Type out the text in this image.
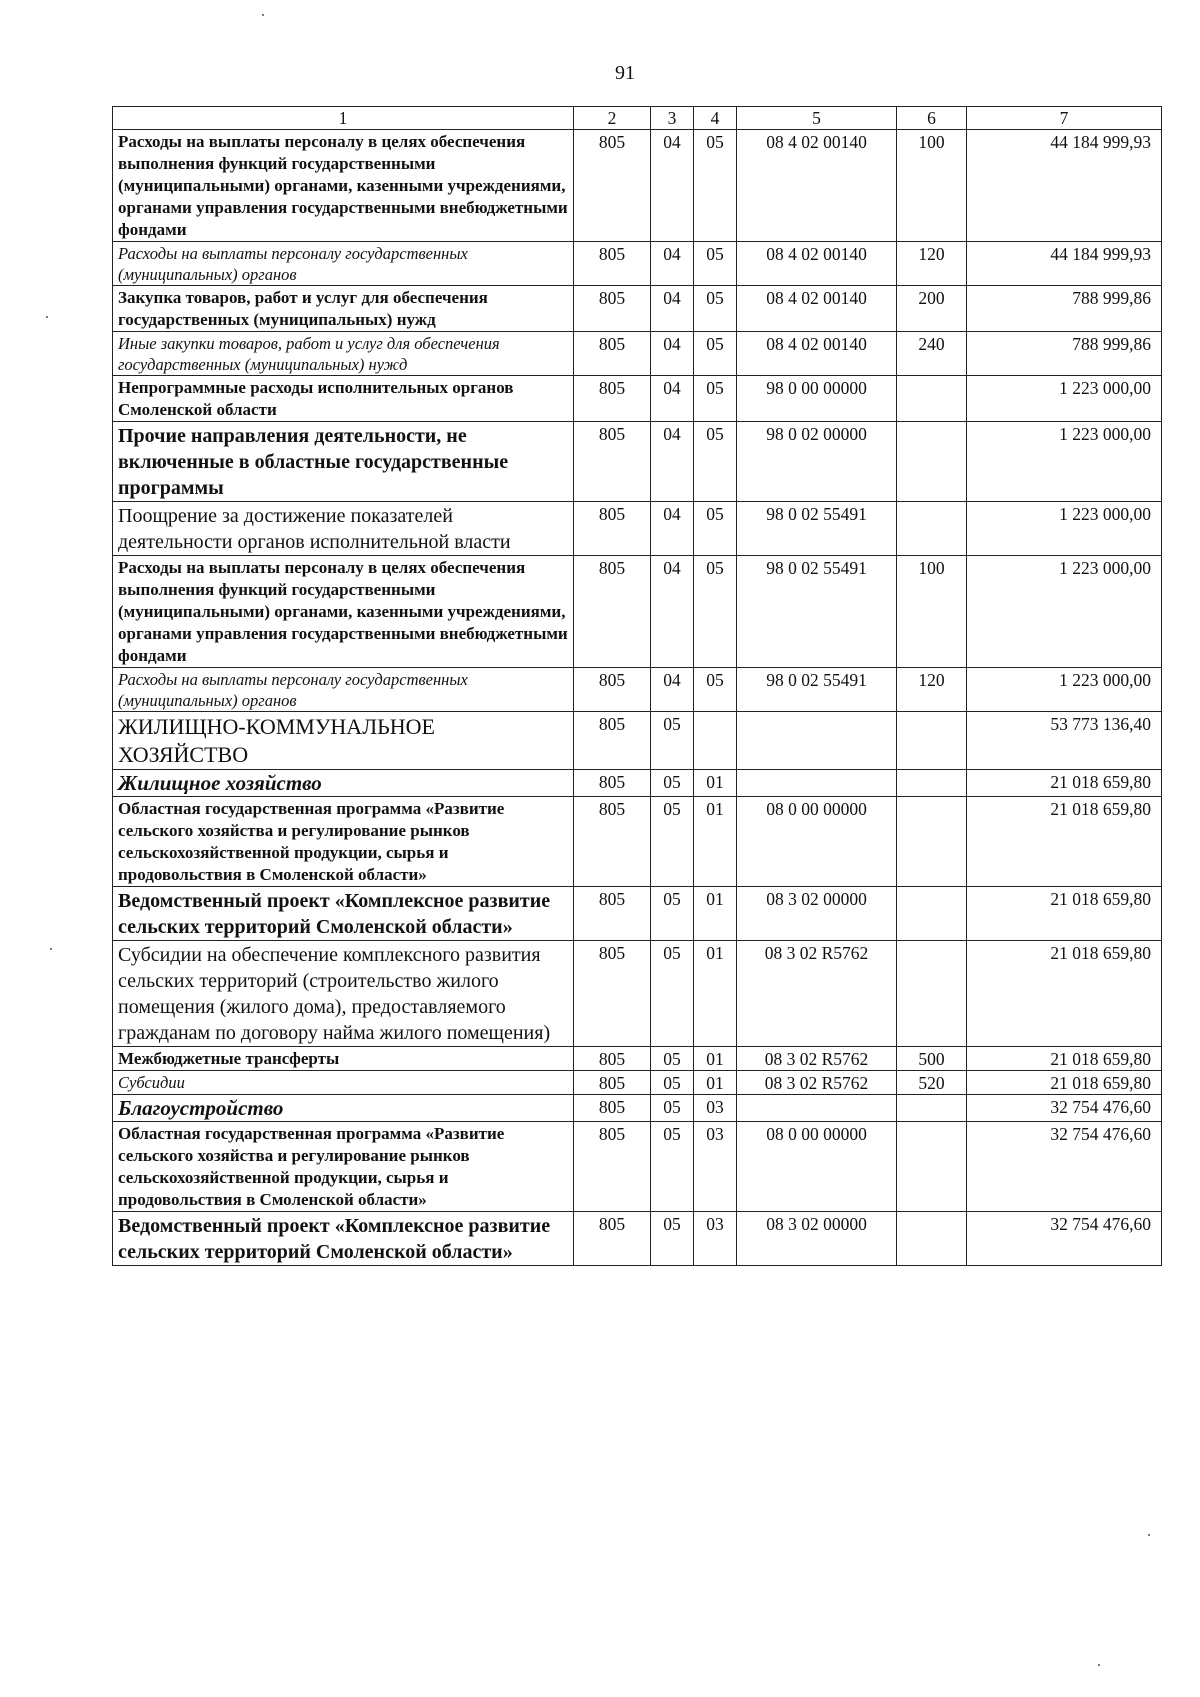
91
1	2	3	4	5	6	7
Расходы на выплаты персоналу в целях обеспечения выполнения функций государственными (муниципальными) органами, казенными учреждениями, органами управления государственными внебюджетными фондами	805	04	05	08 4 02 00140	100	44 184 999,93
Расходы на выплаты персоналу государственных (муниципальных) органов	805	04	05	08 4 02 00140	120	44 184 999,93
Закупка товаров, работ и услуг для обеспечения государственных (муниципальных) нужд	805	04	05	08 4 02 00140	200	788 999,86
Иные закупки товаров, работ и услуг для обеспечения государственных (муниципальных) нужд	805	04	05	08 4 02 00140	240	788 999,86
Непрограммные расходы исполнительных органов Смоленской области	805	04	05	98 0 00 00000		1 223 000,00
Прочие направления деятельности, не включенные в областные государственные программы	805	04	05	98 0 02 00000		1 223 000,00
Поощрение за достижение показателей деятельности органов исполнительной власти	805	04	05	98 0 02 55491		1 223 000,00
Расходы на выплаты персоналу в целях обеспечения выполнения функций государственными (муниципальными) органами, казенными учреждениями, органами управления государственными внебюджетными фондами	805	04	05	98 0 02 55491	100	1 223 000,00
Расходы на выплаты персоналу государственных (муниципальных) органов	805	04	05	98 0 02 55491	120	1 223 000,00
ЖИЛИЩНО-КОММУНАЛЬНОЕ ХОЗЯЙСТВО	805	05				53 773 136,40
Жилищное хозяйство	805	05	01			21 018 659,80
Областная государственная программа «Развитие сельского хозяйства и регулирование рынков сельскохозяйственной продукции, сырья и продовольствия в Смоленской области»	805	05	01	08 0 00 00000		21 018 659,80
Ведомственный проект «Комплексное развитие сельских территорий Смоленской области»	805	05	01	08 3 02 00000		21 018 659,80
Субсидии на обеспечение комплексного развития сельских территорий (строительство жилого помещения (жилого дома), предоставляемого гражданам по договору найма жилого помещения)	805	05	01	08 3 02 R5762		21 018 659,80
Межбюджетные трансферты	805	05	01	08 3 02 R5762	500	21 018 659,80
Субсидии	805	05	01	08 3 02 R5762	520	21 018 659,80
Благоустройство	805	05	03			32 754 476,60
Областная государственная программа «Развитие сельского хозяйства и регулирование рынков сельскохозяйственной продукции, сырья и продовольствия в Смоленской области»	805	05	03	08 0 00 00000		32 754 476,60
Ведомственный проект «Комплексное развитие сельских территорий Смоленской области»	805	05	03	08 3 02 00000		32 754 476,60
